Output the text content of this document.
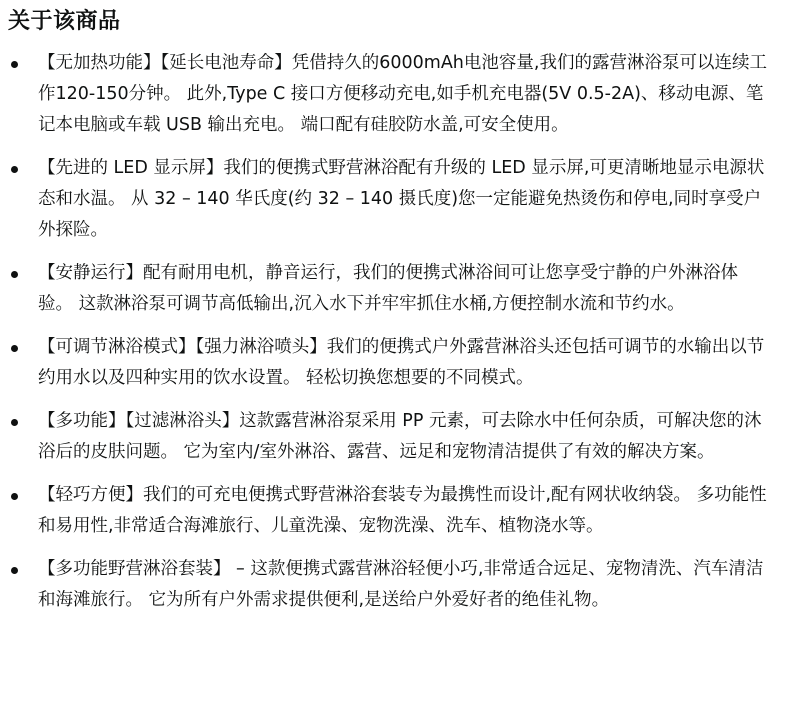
关于该商品
【无加热功能】【延长电池寿命】凭借持久的6000mAh电池容量,我们的露营淋浴泵可以连续工作120-150分钟。 此外,Type C 接口方便移动充电,如手机充电器(5V 0.5-2A)、移动电源、笔记本电脑或车载 USB 输出充电。 端口配有硅胶防水盖,可安全使用。
【先进的 LED 显示屏】我们的便携式野营淋浴配有升级的 LED 显示屏,可更清晰地显示电源状态和水温。 从 32 – 140 华氏度(约 32 – 140 摄氏度)您一定能避免热烫伤和停电,同时享受户外探险。
【安静运行】配有耐用电机，静音运行，我们的便携式淋浴间可让您享受宁静的户外淋浴体验。 这款淋浴泵可调节高低输出,沉入水下并牢牢抓住水桶,方便控制水流和节约水。
【可调节淋浴模式】【强力淋浴喷头】我们的便携式户外露营淋浴头还包括可调节的水输出以节约用水以及四种实用的饮水设置。 轻松切换您想要的不同模式。
【多功能】【过滤淋浴头】这款露营淋浴泵采用 PP 元素，可去除水中任何杂质，可解决您的沐浴后的皮肤问题。 它为室内/室外淋浴、露营、远足和宠物清洁提供了有效的解决方案。
【轻巧方便】我们的可充电便携式野营淋浴套装专为最携性而设计,配有网状收纳袋。 多功能性和易用性,非常适合海滩旅行、儿童洗澡、宠物洗澡、洗车、植物浇水等。
【多功能野营淋浴套装】 – 这款便携式露营淋浴轻便小巧,非常适合远足、宠物清洗、汽车清洁和海滩旅行。 它为所有户外需求提供便利,是送给户外爱好者的绝佳礼物。
